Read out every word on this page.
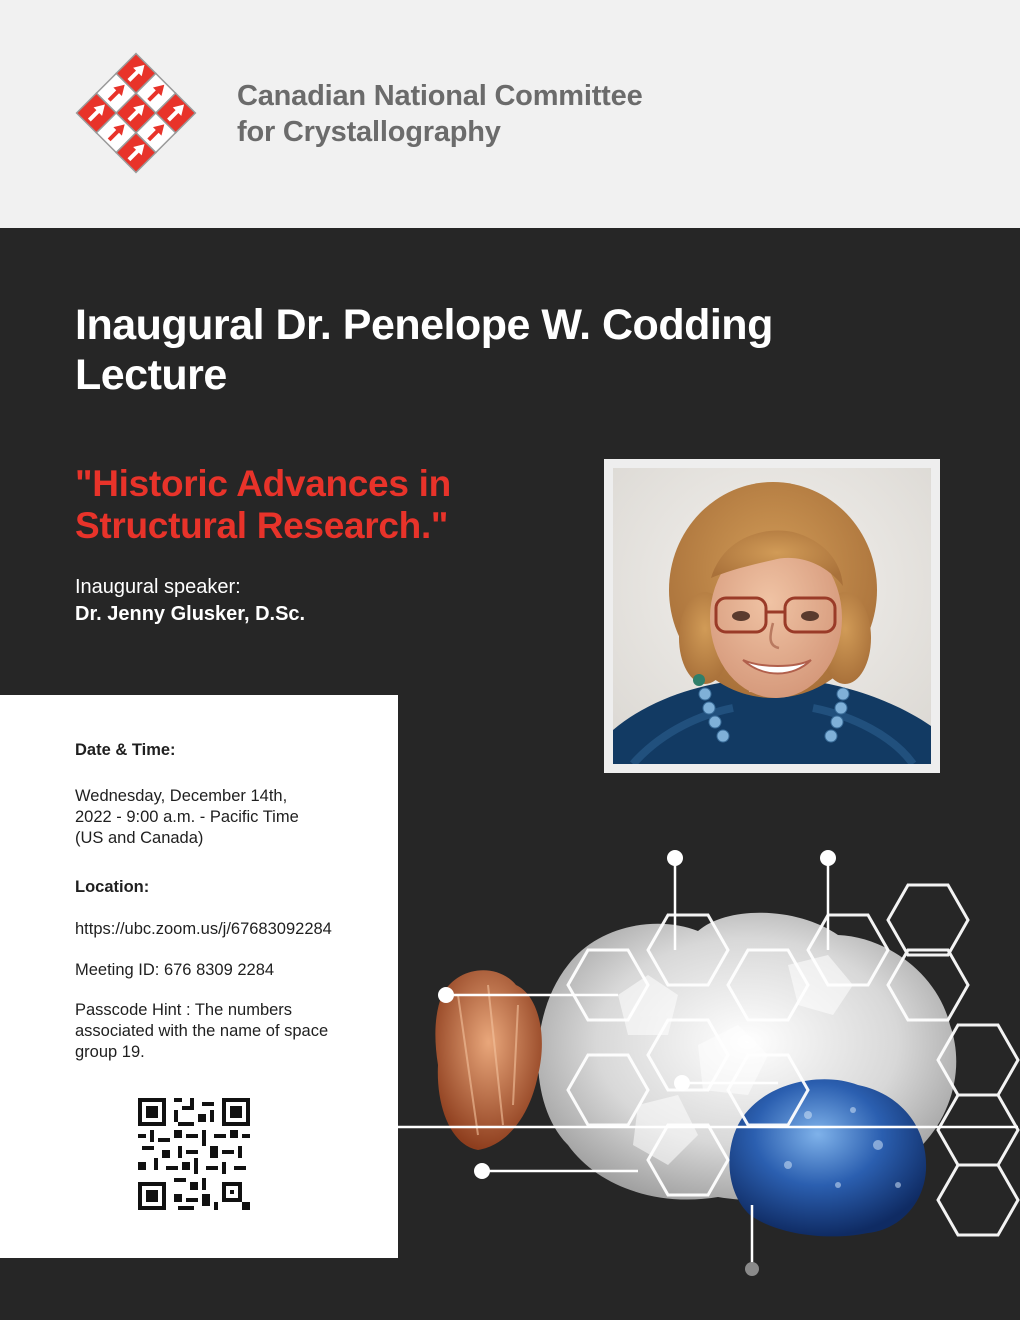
Canadian National Committee
for Crystallography
Inaugural Dr. Penelope W. Codding
Lecture
"Historic Advances in
Structural Research."
Inaugural speaker:
Dr. Jenny Glusker, D.Sc.
Date & Time:
Wednesday, December 14th,
2022 - 9:00 a.m. - Pacific Time
(US and Canada)
Location:
https://ubc.zoom.us/j/67683092284
Meeting ID: 676 8309 2284
Passcode Hint : The numbers
associated with the name of space
group 19.
